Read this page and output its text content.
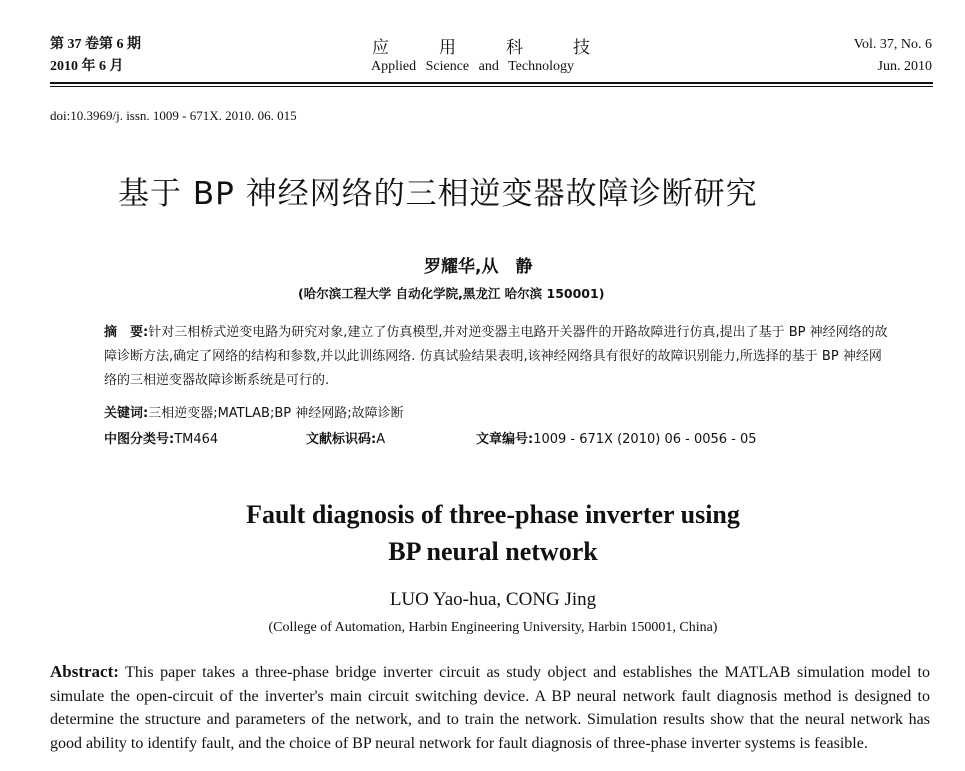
第 37 卷第 6 期
2010 年 6 月
应用科技
Applied Science and Technology
Vol. 37, No. 6
Jun. 2010
doi:10.3969/j. issn. 1009 - 671X. 2010. 06. 015
基于 BP 神经网络的三相逆变器故障诊断研究
罗耀华,从　静
(哈尔滨工程大学 自动化学院,黑龙江 哈尔滨 150001)
摘　要:针对三相桥式逆变电路为研究对象,建立了仿真模型,并对逆变器主电路开关器件的开路故障进行仿真,提出了基于 BP 神经网络的故障诊断方法,确定了网络的结构和参数,并以此训练网络. 仿真试验结果表明,该神经网络具有很好的故障识别能力,所选择的基于 BP 神经网络的三相逆变器故障诊断系统是可行的.
关键词:三相逆变器;MATLAB;BP 神经网路;故障诊断
中图分类号:TM464	文献标识码:A	文章编号:1009 - 671X (2010) 06 - 0056 - 05
Fault diagnosis of three-phase inverter using
BP neural network
LUO Yao-hua, CONG Jing
(College of Automation, Harbin Engineering University, Harbin 150001, China)
Abstract: This paper takes a three-phase bridge inverter circuit as study object and establishes the MATLAB simulation model to simulate the open-circuit of the inverter's main circuit switching device. A BP neural network fault diagnosis method is designed to determine the structure and parameters of the network, and to train the network. Simulation results show that the neural network has good ability to identify fault, and the choice of BP neural network for fault diagnosis of three-phase inverter systems is feasible.
